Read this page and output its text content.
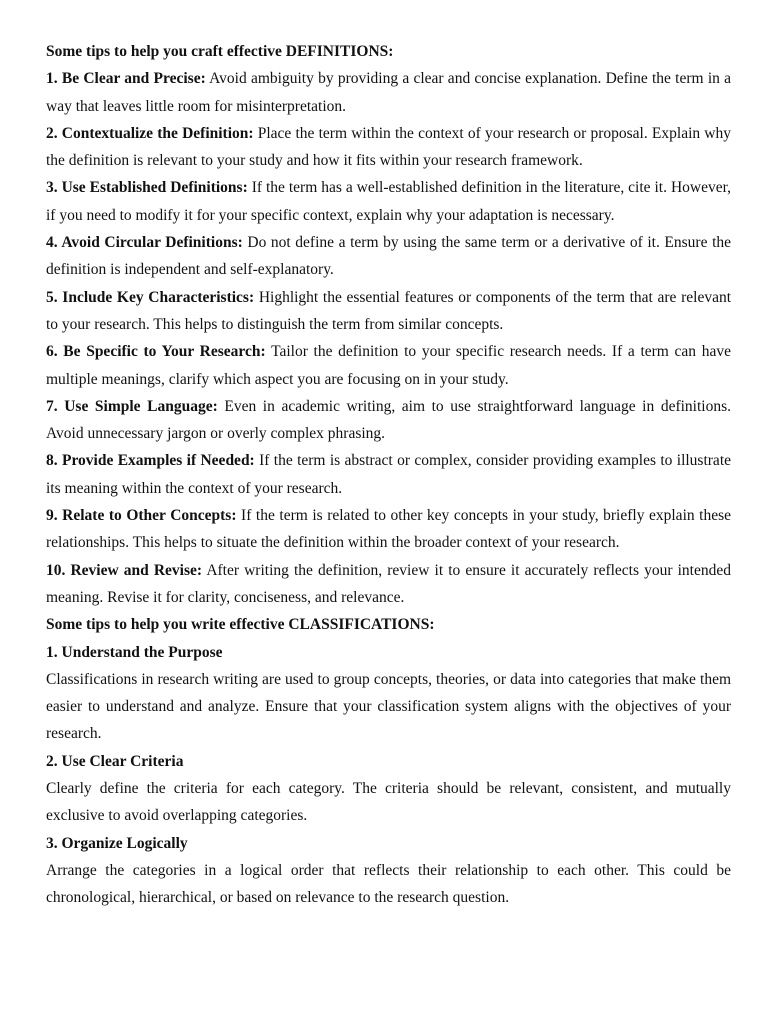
Some tips to help you craft effective DEFINITIONS:

1. Be Clear and Precise: Avoid ambiguity by providing a clear and concise explanation. Define the term in a way that leaves little room for misinterpretation.

2. Contextualize the Definition: Place the term within the context of your research or proposal. Explain why the definition is relevant to your study and how it fits within your research framework.

3. Use Established Definitions: If the term has a well-established definition in the literature, cite it. However, if you need to modify it for your specific context, explain why your adaptation is necessary.

4. Avoid Circular Definitions: Do not define a term by using the same term or a derivative of it. Ensure the definition is independent and self-explanatory.

5. Include Key Characteristics: Highlight the essential features or components of the term that are relevant to your research. This helps to distinguish the term from similar concepts.

6. Be Specific to Your Research: Tailor the definition to your specific research needs. If a term can have multiple meanings, clarify which aspect you are focusing on in your study.

7. Use Simple Language: Even in academic writing, aim to use straightforward language in definitions. Avoid unnecessary jargon or overly complex phrasing.

8. Provide Examples if Needed: If the term is abstract or complex, consider providing examples to illustrate its meaning within the context of your research.

9. Relate to Other Concepts: If the term is related to other key concepts in your study, briefly explain these relationships. This helps to situate the definition within the broader context of your research.

10. Review and Revise: After writing the definition, review it to ensure it accurately reflects your intended meaning. Revise it for clarity, conciseness, and relevance.

Some tips to help you write effective CLASSIFICATIONS:

1. Understand the Purpose

Classifications in research writing are used to group concepts, theories, or data into categories that make them easier to understand and analyze. Ensure that your classification system aligns with the objectives of your research.

2. Use Clear Criteria

Clearly define the criteria for each category. The criteria should be relevant, consistent, and mutually exclusive to avoid overlapping categories.

3. Organize Logically

Arrange the categories in a logical order that reflects their relationship to each other. This could be chronological, hierarchical, or based on relevance to the research question.
